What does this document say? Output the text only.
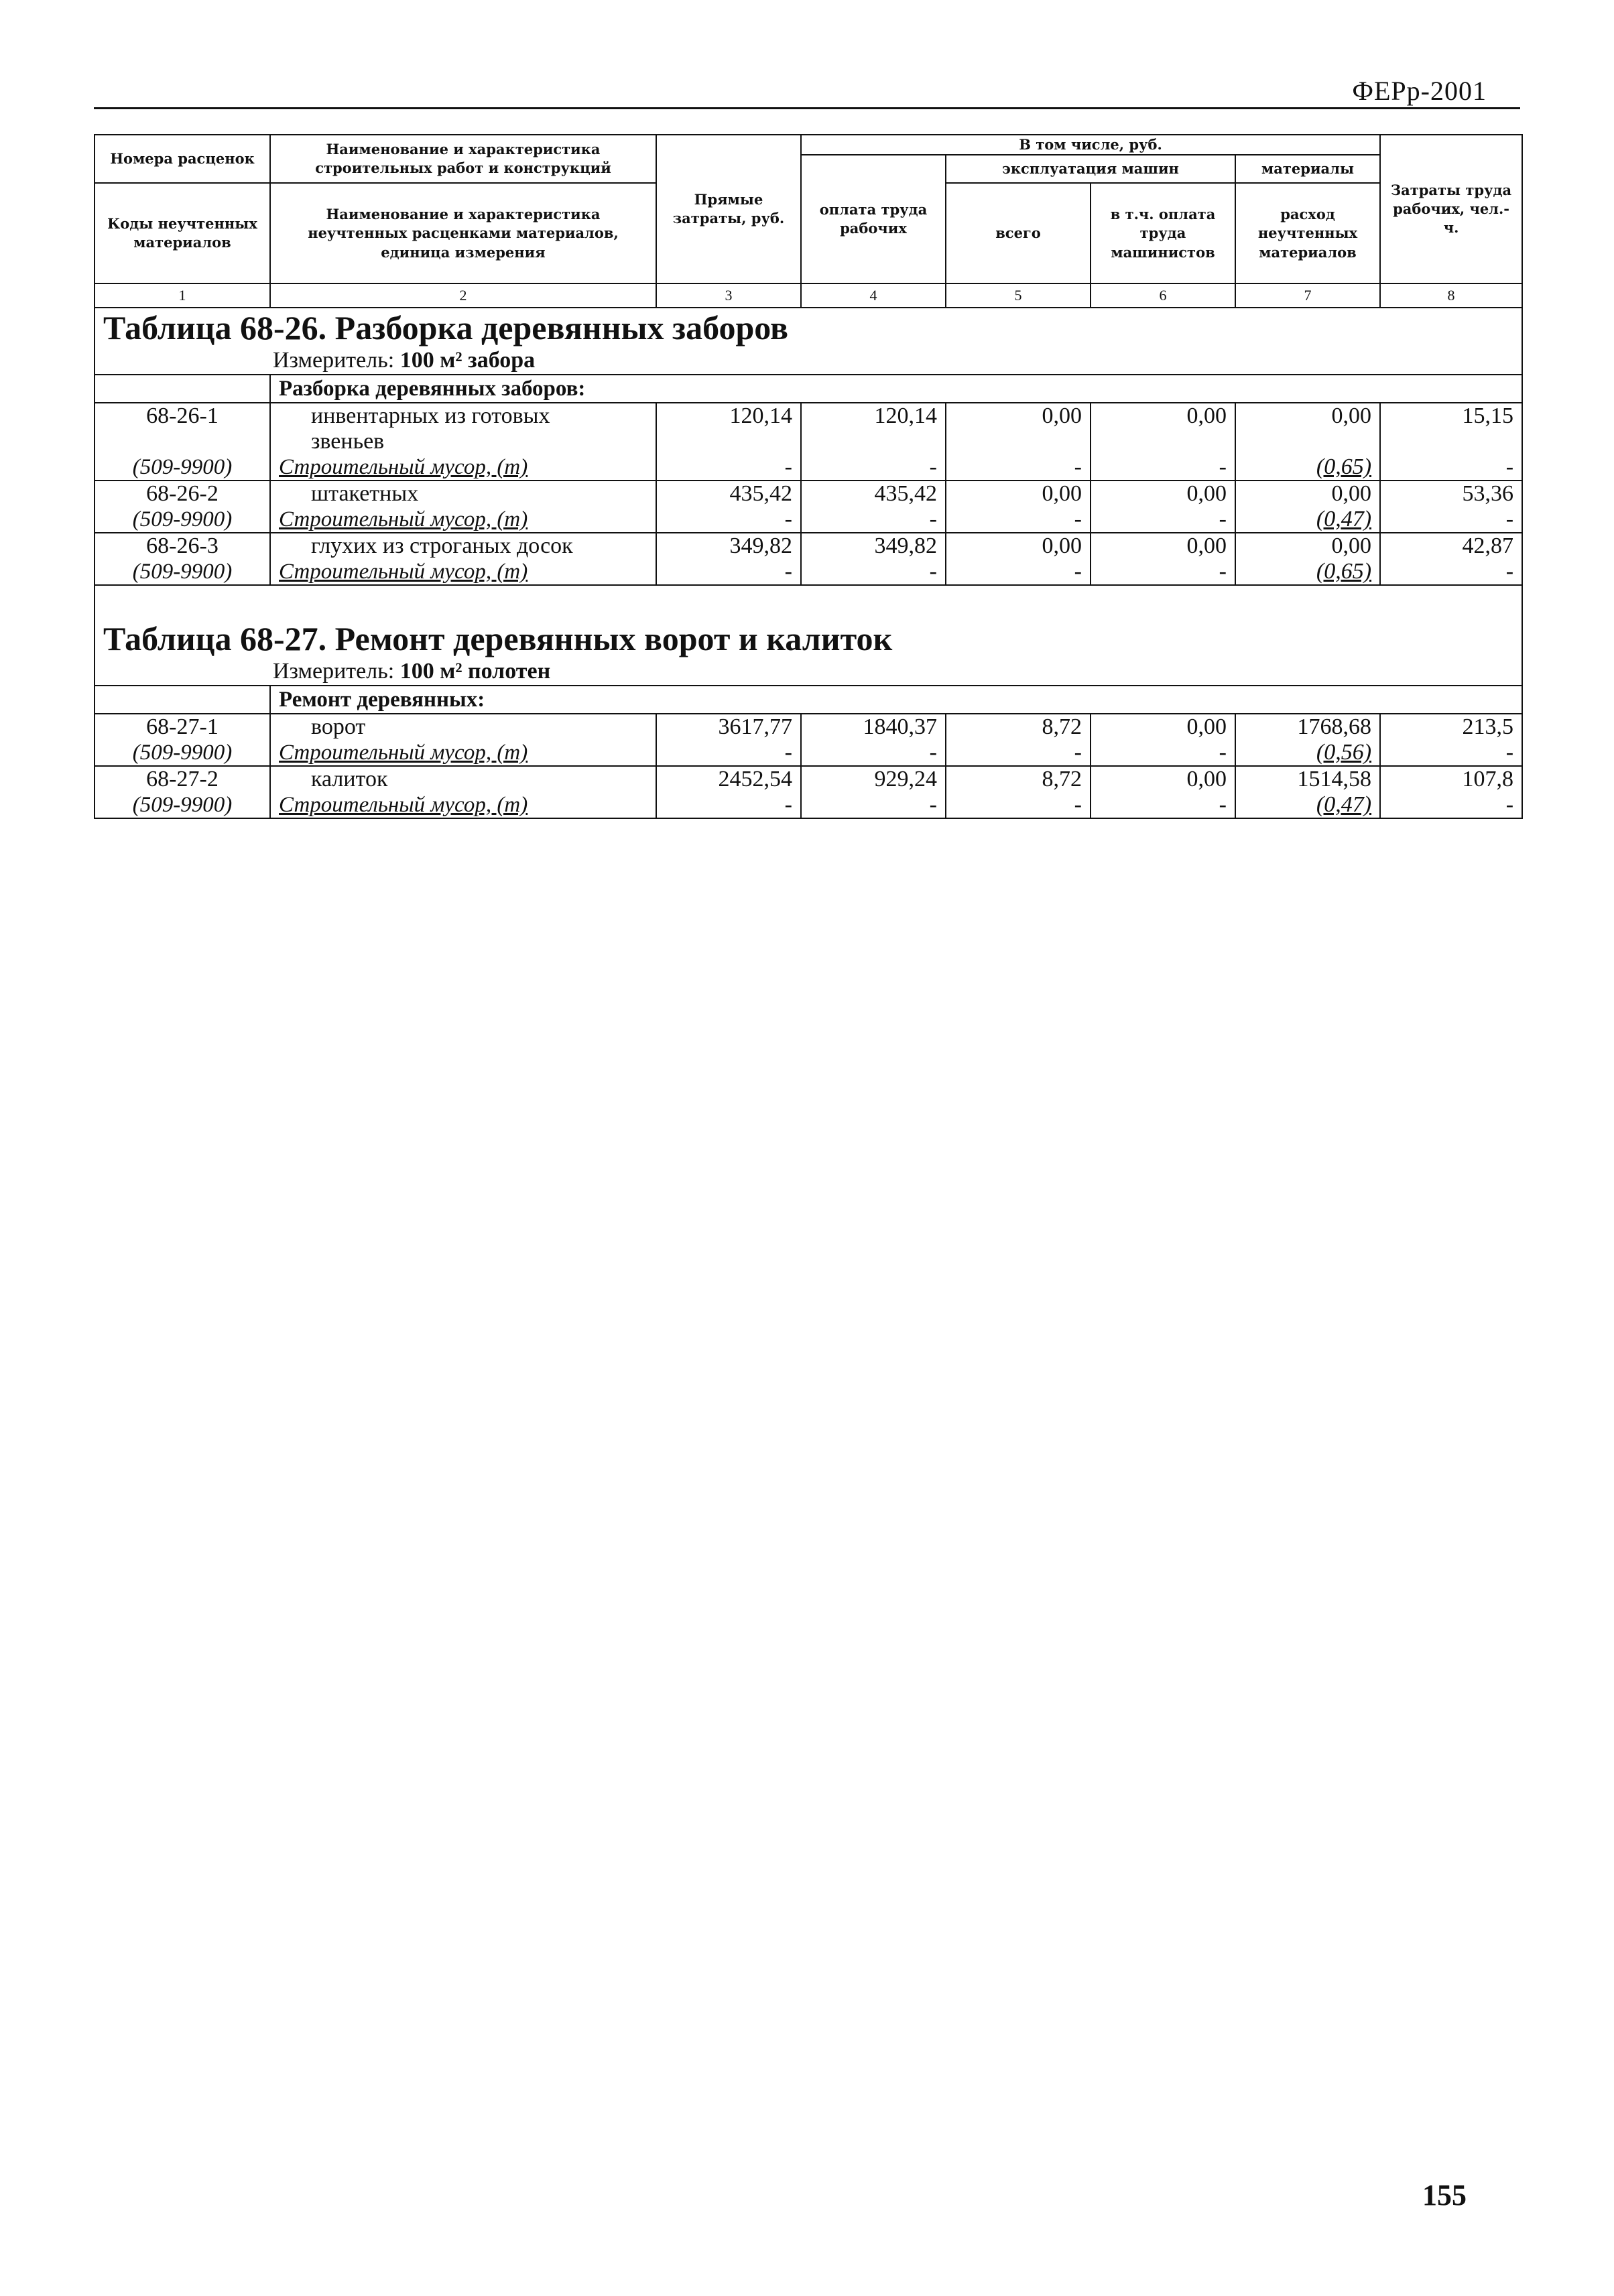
ФЕРр-2001
Номера расценок	Наименование и характеристика строительных работ и конструкций	Прямые затраты, руб.	В том числе, руб.				Затраты труда рабочих, чел.-ч.
			оплата труда рабочих	эксплуатация машин		материалы	
Коды неучтенных материалов	Наименование и характеристика неучтенных расценками материалов, единица измерения			всего	в т.ч. оплата труда машинистов	расход неучтенных материалов	

1	2	3	4	5	6	7	8
Таблица 68-26. Разборка деревянных заборов							
Измеритель: 100 м² забора							
	Разборка деревянных заборов:						
68-26-1	инвентарных из готовых	120,14	120,14	0,00	0,00	0,00	15,15
	звеньев						
(509-9900)	Строительный мусор, (т)	-	-	-	-	(0,65)	-
68-26-2	штакетных	435,42	435,42	0,00	0,00	0,00	53,36
(509-9900)	Строительный мусор, (т)	-	-	-	-	(0,47)	-
68-26-3	глухих из строганых досок	349,82	349,82	0,00	0,00	0,00	42,87
(509-9900)	Строительный мусор, (т)	-	-	-	-	(0,65)	-
Таблица 68-27. Ремонт деревянных ворот и калиток							
Измеритель: 100 м² полотен							
	Ремонт деревянных:						
68-27-1	ворот	3617,77	1840,37	8,72	0,00	1768,68	213,5
(509-9900)	Строительный мусор, (т)	-	-	-	-	(0,56)	-
68-27-2	калиток	2452,54	929,24	8,72	0,00	1514,58	107,8
(509-9900)	Строительный мусор, (т)	-	-	-	-	(0,47)	-
155
